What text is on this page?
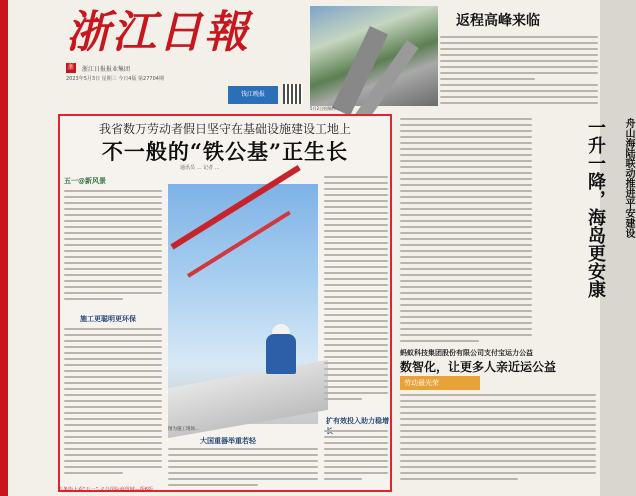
浙江日報
浙	浙江日报报业集团
2023年5月3日 星期三 今日4版 第27704期
钱江晚报
5月2日拍摄的...
返程高峰来临
我省数万劳动者假日坚守在基础设施建设工地上
不一般的“铁公基”正生长
通讯员 … 记者 …
五一@新风景
施工更聪明更环保
图为施工现场...
大国重器举重若轻
扩有效投入助力稳增
舟山海陆联动推进平安建设
一升一降，海岛更安康
蚂蚁科技集团股份有限公司支付宝运力公益
数智化，让更多人亲近运公益
劳动最光荣
五条街上看“五一”·义乌国际商贸城—版6版
